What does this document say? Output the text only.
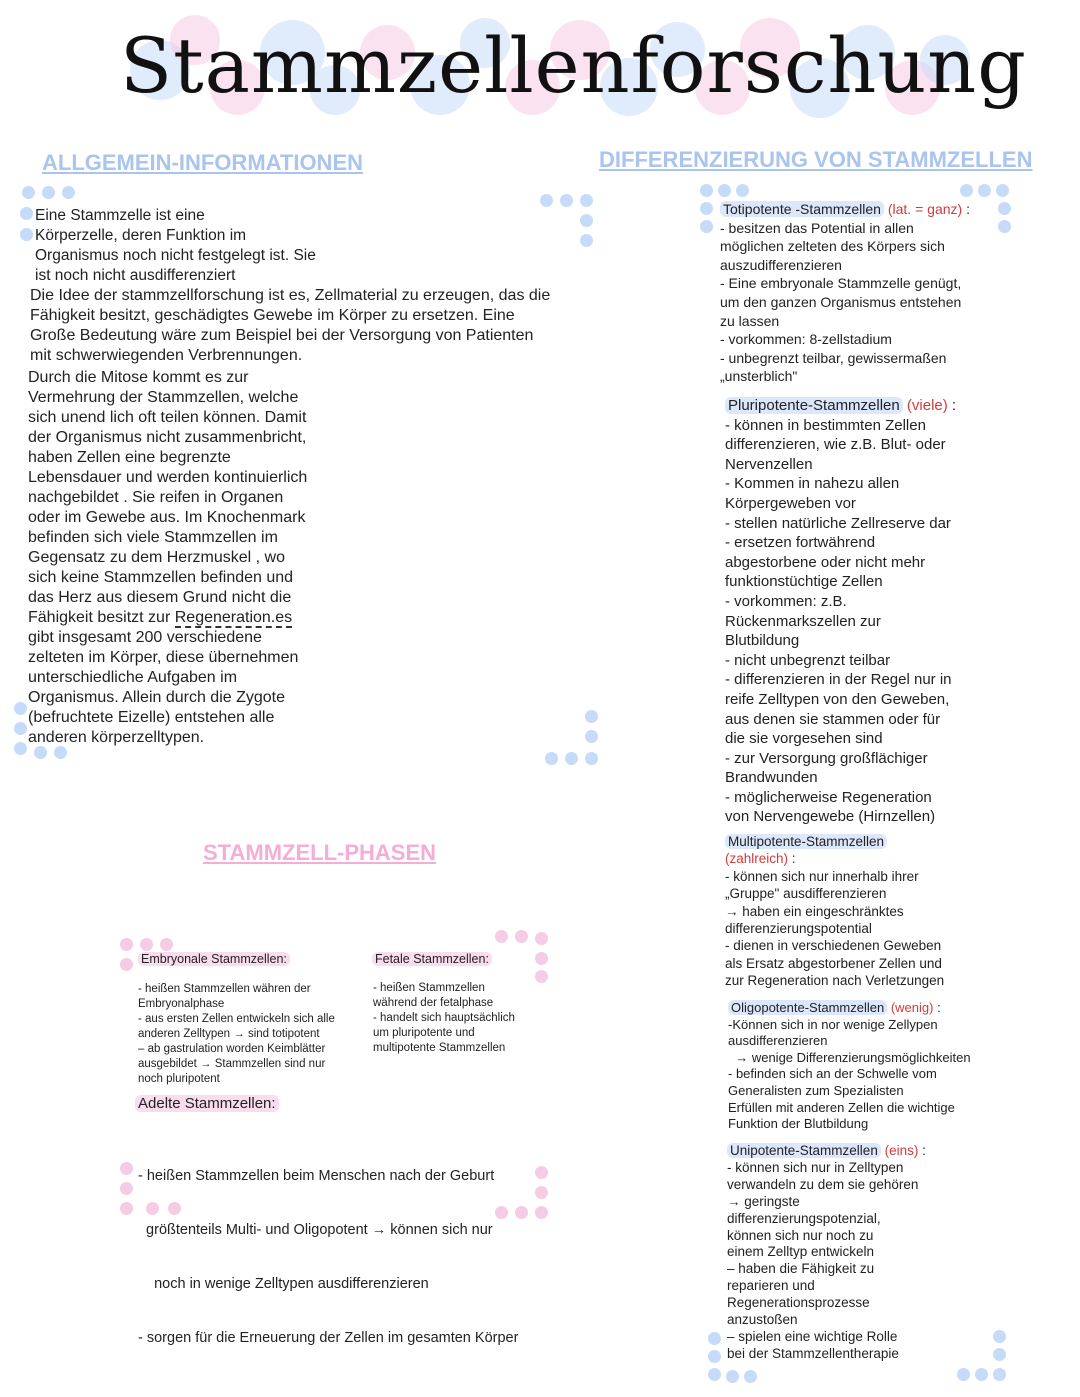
Stammzellenforschung
ALLGEMEIN-INFORMATIONEN
Eine Stammzelle ist eine
Körperzelle, deren Funktion im
Organismus noch nicht festgelegt ist. Sie
ist noch nicht ausdifferenziert
Die Idee der stammzellforschung ist es, Zellmaterial zu erzeugen, das die
Fähigkeit besitzt, geschädigtes Gewebe im Körper zu ersetzen. Eine
Große Bedeutung wäre zum Beispiel bei der Versorgung von Patienten
mit schwerwiegenden Verbrennungen.
Durch die Mitose kommt es zur
Vermehrung der Stammzellen, welche
sich unend lich oft teilen können. Damit
der Organismus nicht zusammenbricht,
haben Zellen eine begrenzte
Lebensdauer und werden kontinuierlich
nachgebildet . Sie reifen in Organen
oder im Gewebe aus. Im Knochenmark
befinden sich viele Stammzellen im
Gegensatz zu dem Herzmuskel , wo
sich keine Stammzellen befinden und
das Herz aus diesem Grund nicht die
Fähigkeit besitzt zur Regeneration.es
gibt insgesamt 200 verschiedene
zelteten im Körper, diese übernehmen
unterschiedliche Aufgaben im
Organismus. Allein durch die Zygote
(befruchtete Eizelle) entstehen alle
anderen körperzelltypen.
STAMMZELL-PHASEN
Embryonale Stammzellen:
- heißen Stammzellen währen der
Embryonalphase
- aus ersten Zellen entwickeln sich alle
anderen Zelltypen → sind totipotent
– ab gastrulation worden Keimblätter
ausgebildet → Stammzellen sind nur
noch pluripotent
Fetale Stammzellen:
- heißen Stammzellen
während der fetalphase
- handelt sich hauptsächlich
um pluripotente und
multipotente Stammzellen
Adelte Stammzellen:

- heißen Stammzellen beim Menschen nach der Geburt

größtenteils Multi- und Oligopotent → können sich nur

noch in wenige Zelltypen ausdifferenzieren

- sorgen für die Erneuerung der Zellen im gesamten Körper

DIFFERENZIERUNG VON STAMMZELLEN
Totipotente -Stammzellen (lat. = ganz) :
- besitzen das Potential in allen
möglichen zelteten des Körpers sich
auszudifferenzieren
- Eine embryonale Stammzelle genügt,
um den ganzen Organismus entstehen
zu lassen
- vorkommen: 8-zellstadium
- unbegrenzt teilbar, gewissermaßen
„unsterblich"
Pluripotente-Stammzellen (viele) :
- können in bestimmten Zellen
differenzieren, wie z.B. Blut- oder
Nervenzellen
- Kommen in nahezu allen
Körpergeweben vor
- stellen natürliche Zellreserve dar
- ersetzen fortwährend
abgestorbene oder nicht mehr
funktionstüchtige Zellen
- vorkommen: z.B.
Rückenmarkszellen zur
Blutbildung
- nicht unbegrenzt teilbar
- differenzieren in der Regel nur in
reife Zelltypen von den Geweben,
aus denen sie stammen oder für
die sie vorgesehen sind
- zur Versorgung großflächiger
Brandwunden
- möglicherweise Regeneration
von Nervengewebe (Hirnzellen)
Multipotente-Stammzellen
(zahlreich) :
- können sich nur innerhalb ihrer
„Gruppe" ausdifferenzieren
→ haben ein eingeschränktes
differenzierungspotential
- dienen in verschiedenen Geweben
als Ersatz abgestorbener Zellen und
zur Regeneration nach Verletzungen
Oligopotente-Stammzellen (wenig) :
-Können sich in nor wenige Zellypen
ausdifferenzieren
→ wenige Differenzierungsmöglichkeiten
- befinden sich an der Schwelle vom
Generalisten zum Spezialisten
Erfüllen mit anderen Zellen die wichtige
Funktion der Blutbildung
Unipotente-Stammzellen (eins) :
- können sich nur in Zelltypen
verwandeln zu dem sie gehören
→ geringste
differenzierungspotenzial,
können sich nur noch zu
einem Zelltyp entwickeln
– haben die Fähigkeit zu
reparieren und
Regenerationsprozesse
anzustoßen
– spielen eine wichtige Rolle
bei der Stammzellentherapie
